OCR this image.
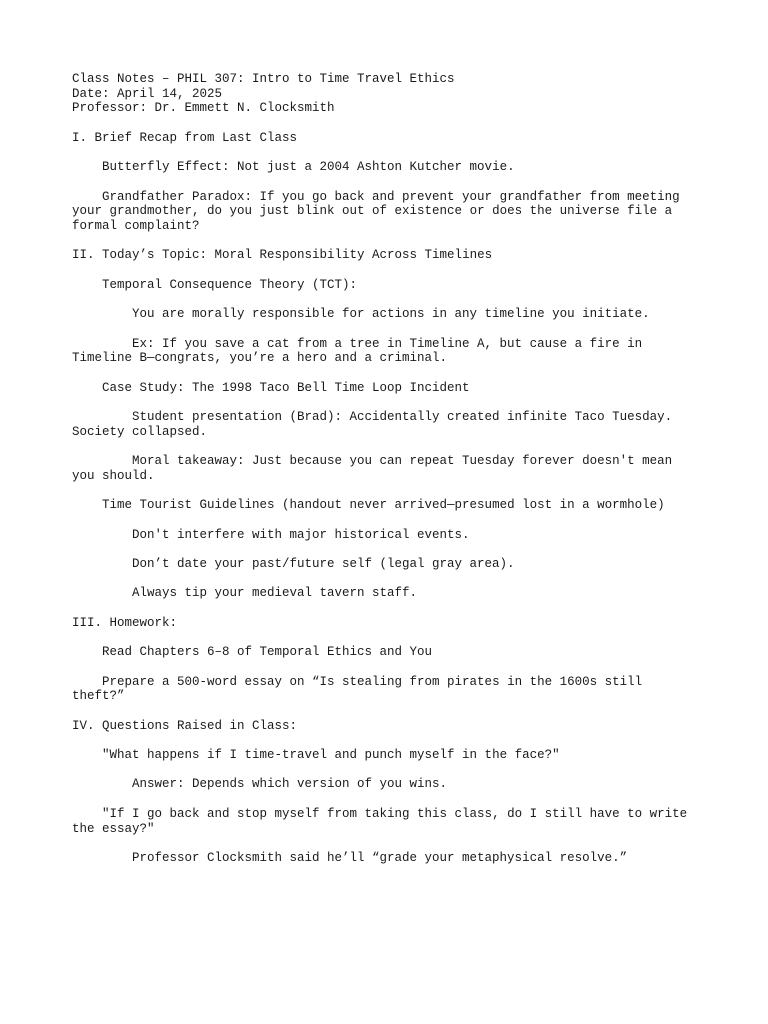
Class Notes – PHIL 307: Intro to Time Travel Ethics

Date: April 14, 2025

Professor: Dr. Emmett N. Clocksmith

I. Brief Recap from Last Class

Butterfly Effect: Not just a 2004 Ashton Kutcher movie.

Grandfather Paradox: If you go back and prevent your grandfather from meeting your grandmother, do you just blink out of existence or does the universe file a formal complaint?

II. Today’s Topic: Moral Responsibility Across Timelines

Temporal Consequence Theory (TCT):

You are morally responsible for actions in any timeline you initiate.

Ex: If you save a cat from a tree in Timeline A, but cause a fire in Timeline B—congrats, you’re a hero and a criminal.

Case Study: The 1998 Taco Bell Time Loop Incident

Student presentation (Brad): Accidentally created infinite Taco Tuesday. Society collapsed.

Moral takeaway: Just because you can repeat Tuesday forever doesn't mean you should.

Time Tourist Guidelines (handout never arrived—presumed lost in a wormhole)

Don't interfere with major historical events.

Don’t date your past/future self (legal gray area).

Always tip your medieval tavern staff.

III. Homework:

Read Chapters 6–8 of Temporal Ethics and You

Prepare a 500-word essay on “Is stealing from pirates in the 1600s still theft?”

IV. Questions Raised in Class:

"What happens if I time-travel and punch myself in the face?"

Answer: Depends which version of you wins.

"If I go back and stop myself from taking this class, do I still have to write the essay?"

Professor Clocksmith said he’ll “grade your metaphysical resolve.”
